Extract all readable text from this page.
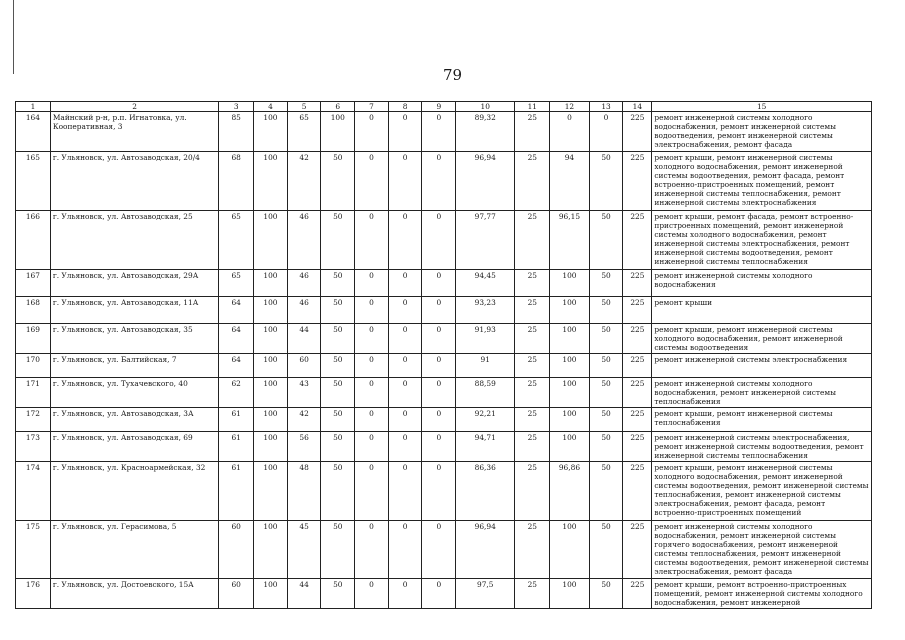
79
1	2	3	4	5	6	7	8	9	10	11	12	13	14	15
164	Майнский р-н, р.п. Игнатовка, ул. Кооперативная, 3	85	100	65	100	0	0	0	89,32	25	0	0	225	ремонт инженерной системы холодного водоснабжения, ремонт инженерной системы водоотведения, ремонт инженерной системы электроснабжения, ремонт фасада
165	г. Ульяновск, ул. Автозаводская, 20/4	68	100	42	50	0	0	0	96,94	25	94	50	225	ремонт крыши, ремонт инженерной системы холодного водоснабжения, ремонт инженерной системы водоотведения, ремонт фасада, ремонт встроенно-пристроенных помещений, ремонт инженерной системы теплоснабжения, ремонт инженерной системы электроснабжения
166	г. Ульяновск, ул. Автозаводская, 25	65	100	46	50	0	0	0	97,77	25	96,15	50	225	ремонт крыши, ремонт фасада, ремонт встроенно-пристроенных помещений, ремонт инженерной системы холодного водоснабжения, ремонт инженерной системы электроснабжения, ремонт инженерной системы водоотведения, ремонт инженерной системы теплоснабжения
167	г. Ульяновск, ул. Автозаводская, 29А	65	100	46	50	0	0	0	94,45	25	100	50	225	ремонт инженерной системы холодного водоснабжения
168	г. Ульяновск, ул. Автозаводская, 11А	64	100	46	50	0	0	0	93,23	25	100	50	225	ремонт крыши
169	г. Ульяновск, ул. Автозаводская, 35	64	100	44	50	0	0	0	91,93	25	100	50	225	ремонт крыши, ремонт инженерной системы холодного водоснабжения, ремонт инженерной системы водоотведения
170	г. Ульяновск, ул. Балтийская, 7	64	100	60	50	0	0	0	91	25	100	50	225	ремонт инженерной системы электроснабжения
171	г. Ульяновск, ул. Тухачевского, 40	62	100	43	50	0	0	0	88,59	25	100	50	225	ремонт инженерной системы холодного водоснабжения, ремонт инженерной системы теплоснабжения
172	г. Ульяновск, ул. Автозаводская, 3А	61	100	42	50	0	0	0	92,21	25	100	50	225	ремонт крыши, ремонт инженерной системы теплоснабжения
173	г. Ульяновск, ул. Автозаводская, 69	61	100	56	50	0	0	0	94,71	25	100	50	225	ремонт инженерной системы электроснабжения, ремонт инженерной системы водоотведения, ремонт инженерной системы теплоснабжения
174	г. Ульяновск, ул. Красноармейская, 32	61	100	48	50	0	0	0	86,36	25	96,86	50	225	ремонт крыши, ремонт инженерной системы холодного водоснабжения, ремонт инженерной системы водоотведения, ремонт инженерной системы теплоснабжения, ремонт инженерной системы электроснабжения, ремонт фасада, ремонт встроенно-пристроенных помещений
175	г. Ульяновск, ул. Герасимова, 5	60	100	45	50	0	0	0	96,94	25	100	50	225	ремонт инженерной системы холодного водоснабжения, ремонт инженерной системы горячего водоснабжения, ремонт инженерной системы теплоснабжения, ремонт инженерной системы водоотведения, ремонт инженерной системы электроснабжения, ремонт фасада
176	г. Ульяновск, ул. Достоевского, 15А	60	100	44	50	0	0	0	97,5	25	100	50	225	ремонт крыши, ремонт встроенно-пристроенных помещений, ремонт инженерной системы холодного водоснабжения, ремонт инженерной
